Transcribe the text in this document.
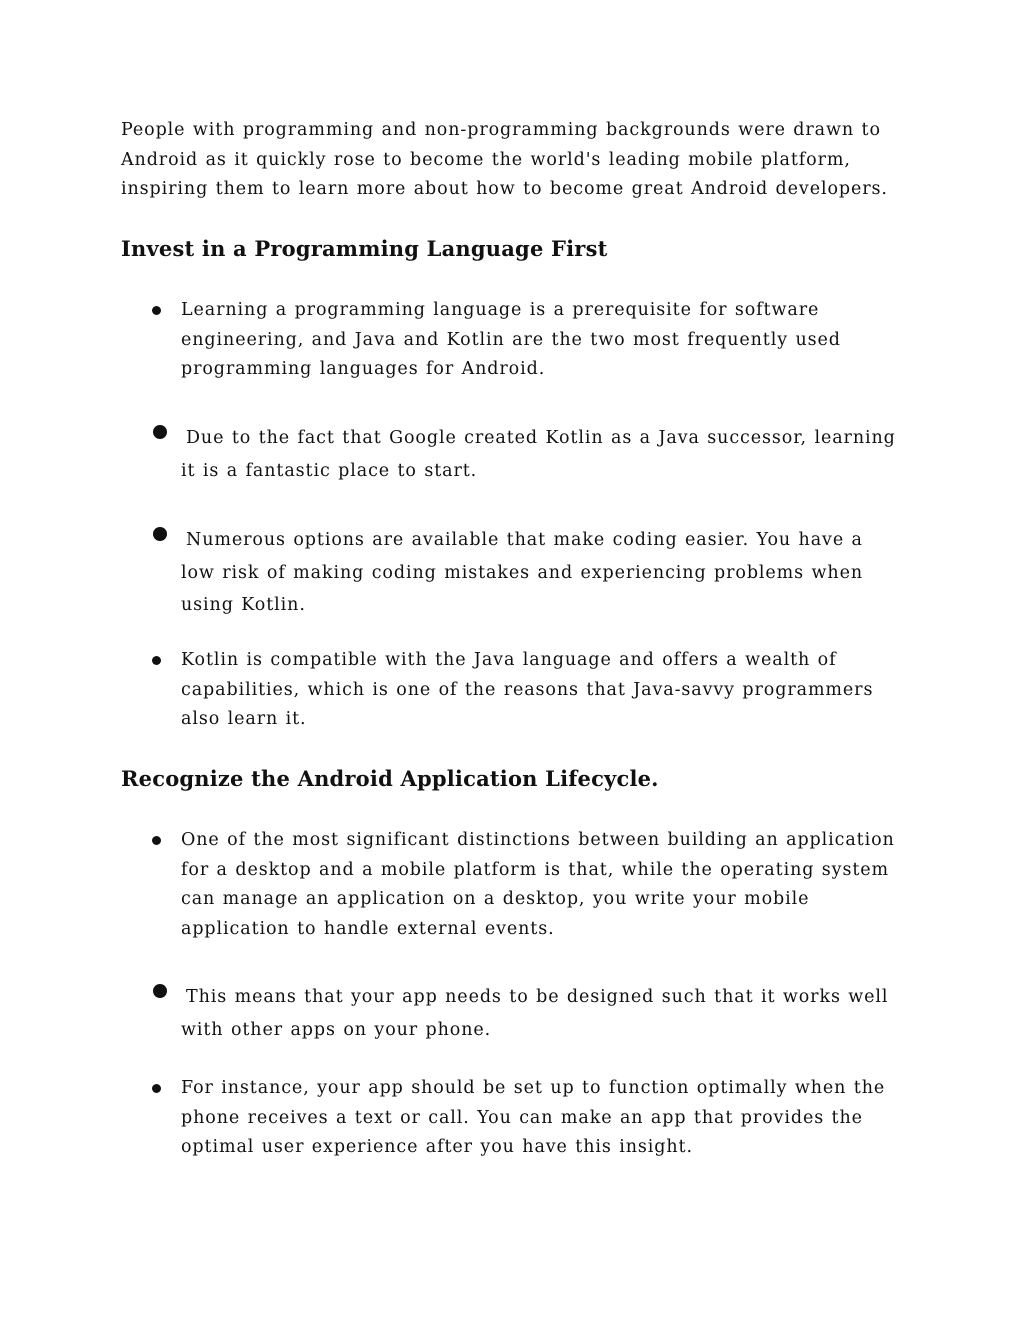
People with programming and non-programming backgrounds were drawn to Android as it quickly rose to become the world's leading mobile platform, inspiring them to learn more about how to become great Android developers.

Invest in a Programming Language First
Learning a programming language is a prerequisite for software engineering, and Java and Kotlin are the two most frequently used programming languages for Android.
Due to the fact that Google created Kotlin as a Java successor, learning it is a fantastic place to start.
Numerous options are available that make coding easier. You have a low risk of making coding mistakes and experiencing problems when using Kotlin.
Kotlin is compatible with the Java language and offers a wealth of capabilities, which is one of the reasons that Java-savvy programmers also learn it.
Recognize the Android Application Lifecycle.
One of the most significant distinctions between building an application for a desktop and a mobile platform is that, while the operating system can manage an application on a desktop, you write your mobile application to handle external events.
This means that your app needs to be designed such that it works well with other apps on your phone.
For instance, your app should be set up to function optimally when the phone receives a text or call. You can make an app that provides the optimal user experience after you have this insight.
